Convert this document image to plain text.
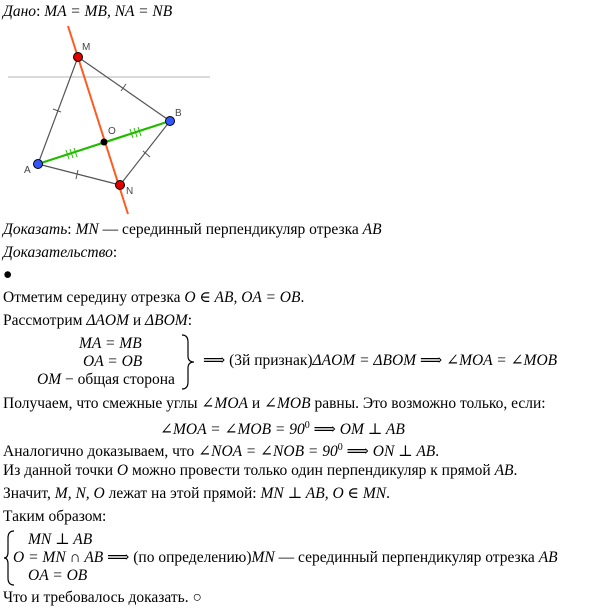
Дано: MA = MB, NA = NB
M
B
O
A
N
Доказать: MN — серединный перпендикуляр отрезка AB
Доказательство:
●
Отметим середину отрезка O ∈ AB, OA = OB.
Рассмотрим ΔAOM и ΔBOM:
MA = MB
OA = OB
OM − общая сторона
⟹ (3й признак)ΔAOM = ΔBOM ⟹ ∠MOA = ∠MOB
Получаем, что смежные углы ∠MOA и ∠MOB равны. Это возможно только, если:
∠MOA = ∠MOB = $90^0$ ⟹ OM ⊥ AB
Аналогично доказываем, что ∠NOA = ∠NOB = $90^0$ ⟹ ON ⊥ AB.
Из данной точки O можно провести только один перпендикуляр к прямой AB.
Значит, M, N, O лежат на этой прямой: MN ⊥ AB, O ∈ MN.
Таким образом:
MN ⊥ AB
O = MN ∩ AB ⟹ (по определению)MN — серединный перпендикуляр отрезка AB
OA = OB
Что и требовалось доказать. ○
